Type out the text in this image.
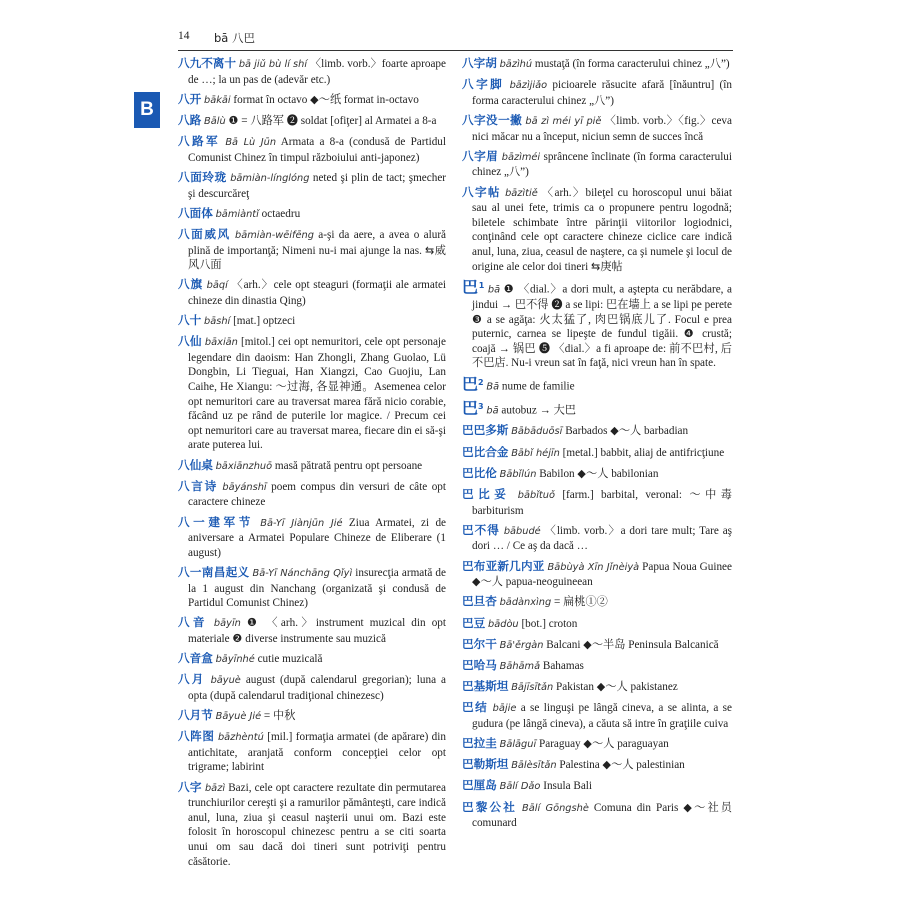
14 bā 八巴
B
八九不离十 bā jiǔ bù lí shí 〈limb. vorb.〉foarte aproape de …; la un pas de (adevăr etc.)
八开 bākāi format în octavo ◆～纸 format in-octavo
八路 Bālù ❶ = 八路军 ❷ soldat [ofiţer] al Armatei a 8-a
八路军 Bā Lù Jūn Armata a 8-a (condusă de Partidul Comunist Chinez în timpul războiului anti-japonez)
八面玲珑 bāmiàn-línglóng neted şi plin de tact; şmecher şi descurcăreţ
八面体 bāmiàntǐ octaedru
八面威风 bāmiàn-wēifēng a-şi da aere, a avea o alură plină de importanţă; Nimeni nu-i mai ajunge la nas. ⇆威风八面
八旗 bāqí 〈arh.〉cele opt steaguri (formaţii ale armatei chineze din dinastia Qing)
八十 bāshí [mat.] optzeci
八仙 bāxiān [mitol.] cei opt nemuritori, cele opt personaje legendare din daoism: Han Zhongli, Zhang Guolao, Lü Dongbin, Li Tieguai, Han Xiangzi, Cao Guojiu, Lan Caihe, He Xiangu: ～过海, 各显神通。Asemenea celor opt nemuritori care au traversat marea fără nicio corabie, făcând uz pe rând de puterile lor magice. / Precum cei opt nemuritori care au traversat marea, fiecare din ei să-şi arate puterea lui.
八仙桌 bāxiānzhuō masă pătrată pentru opt persoane
八言诗 bāyánshī poem compus din versuri de câte opt caractere chineze
八一建军节 Bā-Yī Jiànjūn Jié Ziua Armatei, zi de aniversare a Armatei Populare Chineze de Eliberare (1 august)
八一南昌起义 Bā-Yī Nánchāng Qǐyì insurecţia armată de la 1 august din Nanchang (organizată şi condusă de Partidul Comunist Chinez)
八音 bāyīn ❶ 〈arh.〉instrument muzical din opt materiale ❷ diverse instrumente sau muzică
八音盒 bāyīnhé cutie muzicală
八月 bāyuè august (după calendarul gregorian); luna a opta (după calendarul tradiţional chinezesc)
八月节 Bāyuè Jié = 中秋
八阵图 bāzhèntú [mil.] formaţia armatei (de apărare) din antichitate, aranjată conform concepţiei celor opt trigrame; labirint
八字 bāzì Bazi, cele opt caractere rezultate din permutarea trunchiurilor cereşti şi a ramurilor pământeşti, care indică anul, luna, ziua şi ceasul naşterii unui om. Bazi este folosit în horoscopul chinezesc pentru a se citi soarta unui om sau dacă doi tineri sunt potriviţi pentru căsătorie.
八字胡 bāzìhú mustaţă (în forma caracterului chinez „八”)
八字脚 bāzìjiǎo picioarele răsucite afară [înăuntru] (în forma caracterului chinez „八”)
八字没一撇 bā zì méi yī piě 〈limb. vorb.〉〈fig.〉ceva nici măcar nu a început, niciun semn de succes încă
八字眉 bāzìméi sprâncene înclinate (în forma caracterului chinez „八”)
八字帖 bāzìtiě 〈arh.〉bileţel cu horoscopul unui băiat sau al unei fete, trimis ca o propunere pentru logodnă; biletele schimbate între părinţii viitorilor logiodnici, conţinând cele opt caractere chineze ciclice care indică anul, luna, ziua, ceasul de naştere, ca şi numele şi locul de origine ale celor doi tineri ⇆庚帖
巴$^1$ bā ❶ 〈dial.〉a dori mult, a aştepta cu nerăbdare, a jindui → 巴不得 ❷ a se lipi: 巴在墙上 a se lipi pe perete ❸ a se agăţa: 火太猛了, 肉巴锅底儿了. Focul e prea puternic, carnea se lipeşte de fundul tigăii. ❹ crustă; coajă → 锅巴 ❺ 〈dial.〉a fi aproape de: 前不巴村, 后不巴店. Nu-i vreun sat în faţă, nici vreun han în spate.
巴$^2$ Bā nume de familie
巴$^3$ bā autobuz → 大巴
巴巴多斯 Bābāduōsī Barbados ◆～人 barbadian
巴比合金 Bābǐ héjīn [metal.] babbit, aliaj de antifricţiune
巴比伦 Bābǐlún Babilon ◆～人 babilonian
巴比妥 bābǐtuǒ [farm.] barbital, veronal: ～中毒 barbiturism
巴不得 bābudé 〈limb. vorb.〉a dori tare mult; Tare aş dori … / Ce aş da dacă …
巴布亚新几内亚 Bābùyà Xīn Jǐnèiyà Papua Noua Guinee ◆～人 papua-neoguineean
巴旦杏 bādànxìng = 扁桃①②
巴豆 bādòu [bot.] croton
巴尔干 Bā'ěrgàn Balcani ◆～半岛 Peninsula Balcanică
巴哈马 Bāhāmǎ Bahamas
巴基斯坦 Bājīsītǎn Pakistan ◆～人 pakistanez
巴结 bājie a se linguşi pe lângă cineva, a se alinta, a se gudura (pe lângă cineva), a căuta să intre în graţiile cuiva
巴拉圭 Bālāguī Paraguay ◆～人 paraguayan
巴勒斯坦 Bālèsītǎn Palestina ◆～人 palestinian
巴厘岛 Bālí Dǎo Insula Bali
巴黎公社 Bālí Gōngshè Comuna din Paris ◆～社员 comunard
